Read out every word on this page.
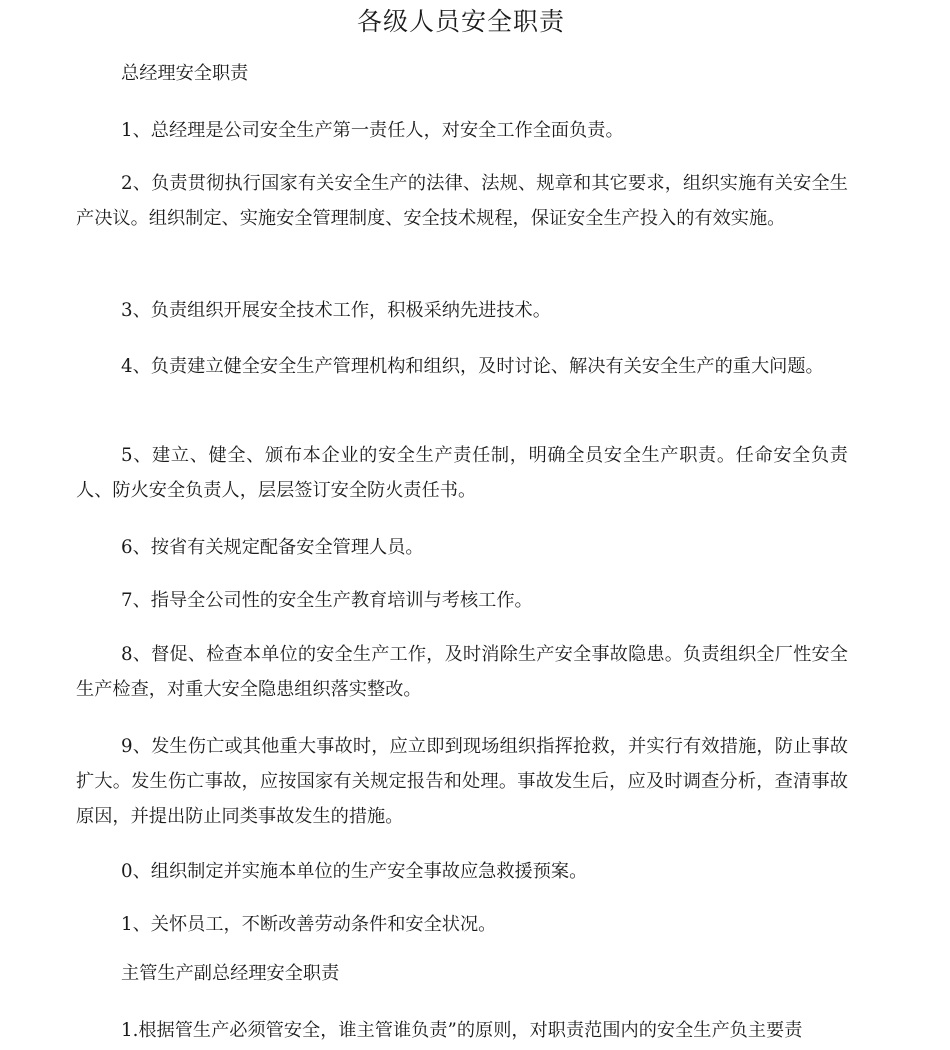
各级人员安全职责

总经理安全职责

1、总经理是公司安全生产第一责任人，对安全工作全面负责。

2、负责贯彻执行国家有关安全生产的法律、法规、规章和其它要求，组织实施有关安全生产决议。组织制定、实施安全管理制度、安全技术规程，保证安全生产投入的有效实施。

3、负责组织开展安全技术工作，积极采纳先进技术。

4、负责建立健全安全生产管理机构和组织，及时讨论、解决有关安全生产的重大问题。

5、建立、健全、颁布本企业的安全生产责任制，明确全员安全生产职责。任命安全负责人、防火安全负责人，层层签订安全防火责任书。

6、按省有关规定配备安全管理人员。

7、指导全公司性的安全生产教育培训与考核工作。

8、督促、检查本单位的安全生产工作，及时消除生产安全事故隐患。负责组织全厂性安全生产检查，对重大安全隐患组织落实整改。

9、发生伤亡或其他重大事故时，应立即到现场组织指挥抢救，并实行有效措施，防止事故扩大。发生伤亡事故，应按国家有关规定报告和处理。事故发生后，应及时调查分析，查清事故原因，并提出防止同类事故发生的措施。

0、组织制定并实施本单位的生产安全事故应急救援预案。

1、关怀员工，不断改善劳动条件和安全状况。

主管生产副总经理安全职责

1.根据管生产必须管安全，谁主管谁负责”的原则，对职责范围内的安全生产负主要责
